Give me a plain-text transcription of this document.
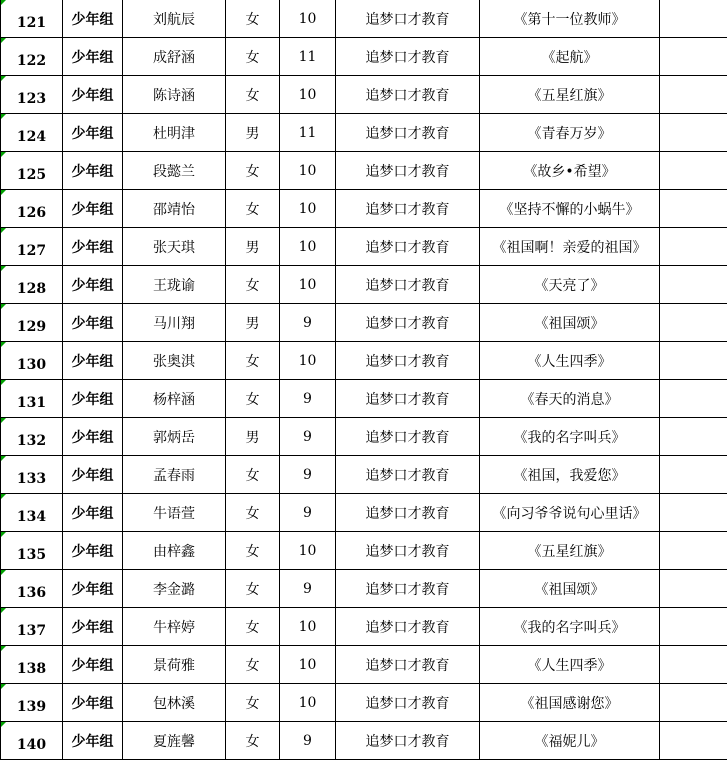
121	少年组	刘航辰	女	10	追梦口才教育	《第十一位教师》	
122	少年组	成舒涵	女	11	追梦口才教育	《起航》	
123	少年组	陈诗涵	女	10	追梦口才教育	《五星红旗》	
124	少年组	杜明津	男	11	追梦口才教育	《青春万岁》	
125	少年组	段懿兰	女	10	追梦口才教育	《故乡•希望》	
126	少年组	邵靖怡	女	10	追梦口才教育	《坚持不懈的小蜗牛》	
127	少年组	张天琪	男	10	追梦口才教育	《祖国啊！亲爱的祖国》	
128	少年组	王珑谕	女	10	追梦口才教育	《天亮了》	
129	少年组	马川翔	男	9	追梦口才教育	《祖国颂》	
130	少年组	张奥淇	女	10	追梦口才教育	《人生四季》	
131	少年组	杨梓涵	女	9	追梦口才教育	《春天的消息》	
132	少年组	郭炳岳	男	9	追梦口才教育	《我的名字叫兵》	
133	少年组	孟春雨	女	9	追梦口才教育	《祖国，我爱您》	
134	少年组	牛语萱	女	9	追梦口才教育	《向习爷爷说句心里话》	
135	少年组	由梓鑫	女	10	追梦口才教育	《五星红旗》	
136	少年组	李金潞	女	9	追梦口才教育	《祖国颂》	
137	少年组	牛梓婷	女	10	追梦口才教育	《我的名字叫兵》	
138	少年组	景荷雅	女	10	追梦口才教育	《人生四季》	
139	少年组	包林溪	女	10	追梦口才教育	《祖国感谢您》	
140	少年组	夏旌馨	女	9	追梦口才教育	《福妮儿》	
